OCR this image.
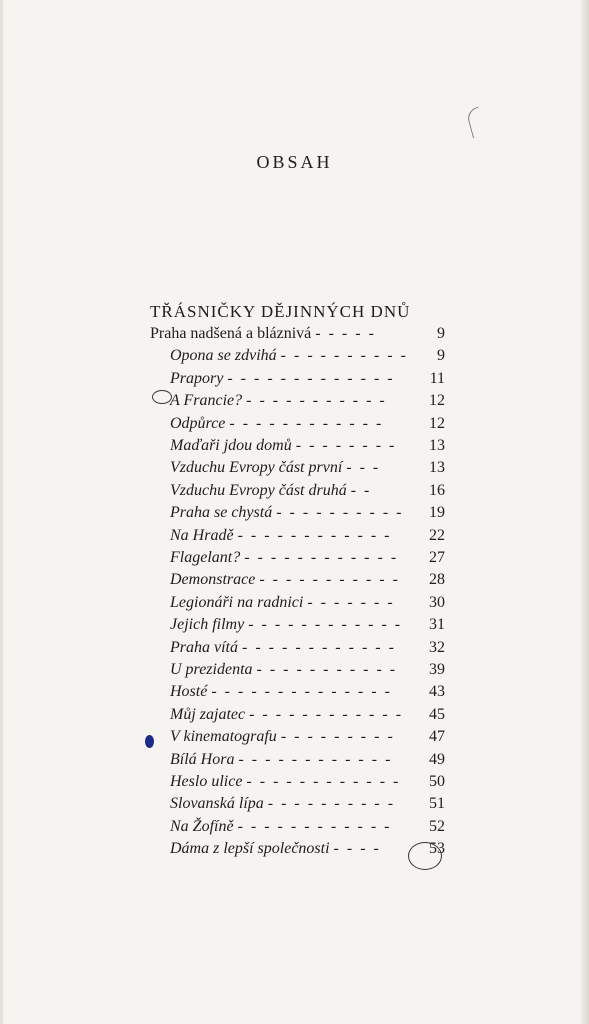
OBSAH
TŘÁSNIČKY DĚJINNÝCH DNŮ
Praha nadšená a bláznivá - - - - -	9
Opona se zdvihá - - - - - - - - - -	9
Prapory - - - - - - - - - - - - -	11
A Francie? - - - - - - - - - - -	12
Odpůrce - - - - - - - - - - - -	12
Maďaři jdou domů - - - - - - - -	13
Vzduchu Evropy část první - - -	13
Vzduchu Evropy část druhá - -	16
Praha se chystá - - - - - - - - - -	19
Na Hradě - - - - - - - - - - - -	22
Flagelant? - - - - - - - - - - - -	27
Demonstrace - - - - - - - - - - -	28
Legionáři na radnici - - - - - - -	30
Jejich filmy - - - - - - - - - - - -	31
Praha vítá - - - - - - - - - - - -	32
U prezidenta - - - - - - - - - - -	39
Hosté - - - - - - - - - - - - - -	43
Můj zajatec - - - - - - - - - - - -	45
V kinematografu - - - - - - - - -	47
Bílá Hora - - - - - - - - - - - -	49
Heslo ulice - - - - - - - - - - - -	50
Slovanská lípa - - - - - - - - - -	51
Na Žofíně - - - - - - - - - - - -	52
Dáma z lepší společnosti - - - -	53
